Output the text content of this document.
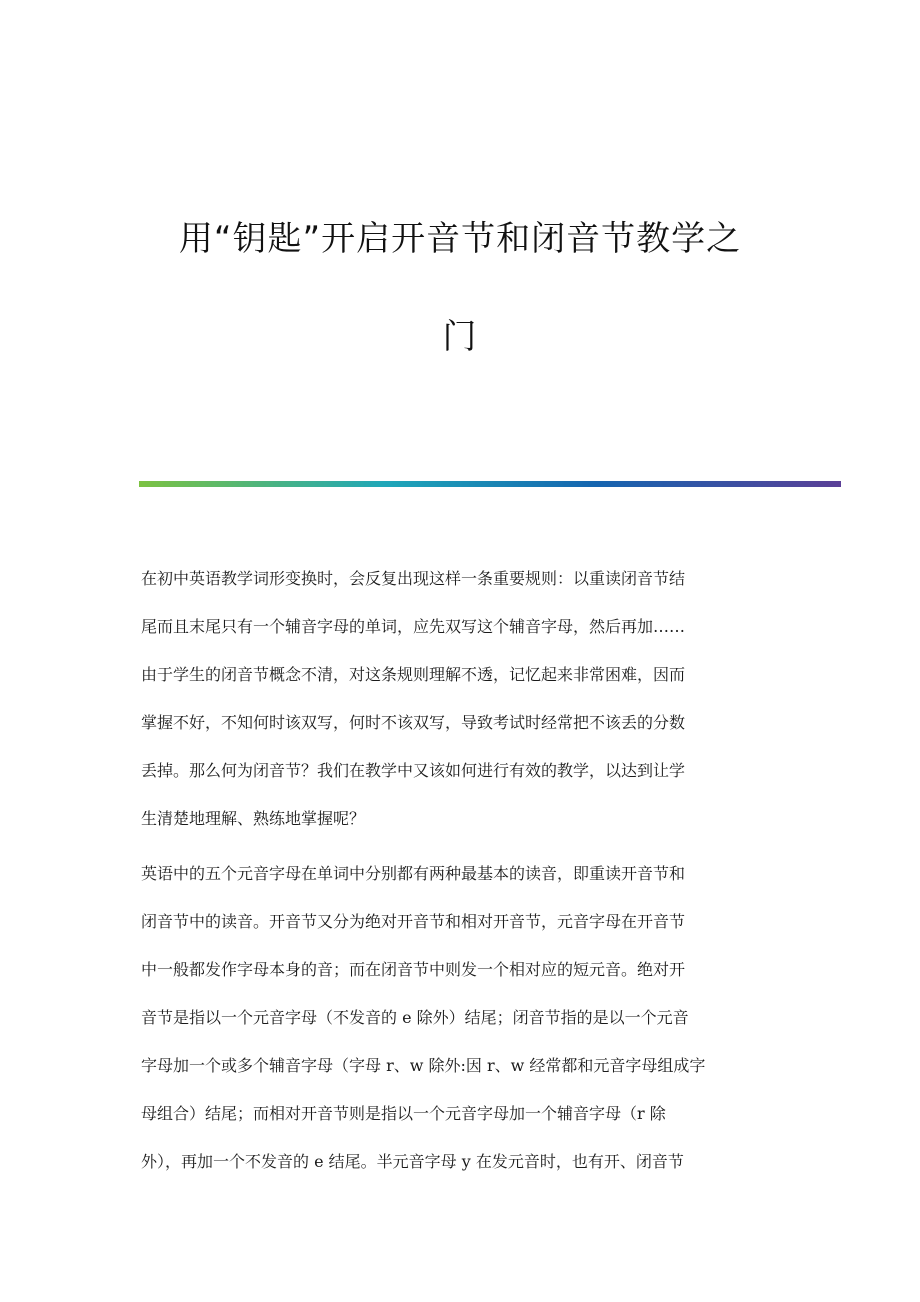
用“钥匙”开启开音节和闭音节教学之
门
在初中英语教学词形变换时，会反复出现这样一条重要规则：以重读闭音节结
尾而且末尾只有一个辅音字母的单词，应先双写这个辅音字母，然后再加……
由于学生的闭音节概念不清，对这条规则理解不透，记忆起来非常困难，因而
掌握不好，不知何时该双写，何时不该双写，导致考试时经常把不该丢的分数
丢掉。那么何为闭音节？我们在教学中又该如何进行有效的教学，以达到让学
生清楚地理解、熟练地掌握呢？
英语中的五个元音字母在单词中分别都有两种最基本的读音，即重读开音节和
闭音节中的读音。开音节又分为绝对开音节和相对开音节，元音字母在开音节
中一般都发作字母本身的音；而在闭音节中则发一个相对应的短元音。绝对开
音节是指以一个元音字母（不发音的 e 除外）结尾；闭音节指的是以一个元音
字母加一个或多个辅音字母（字母 r、w 除外:因 r、w 经常都和元音字母组成字
母组合）结尾；而相对开音节则是指以一个元音字母加一个辅音字母（r 除
外），再加一个不发音的 e 结尾。半元音字母 y 在发元音时，也有开、闭音节
